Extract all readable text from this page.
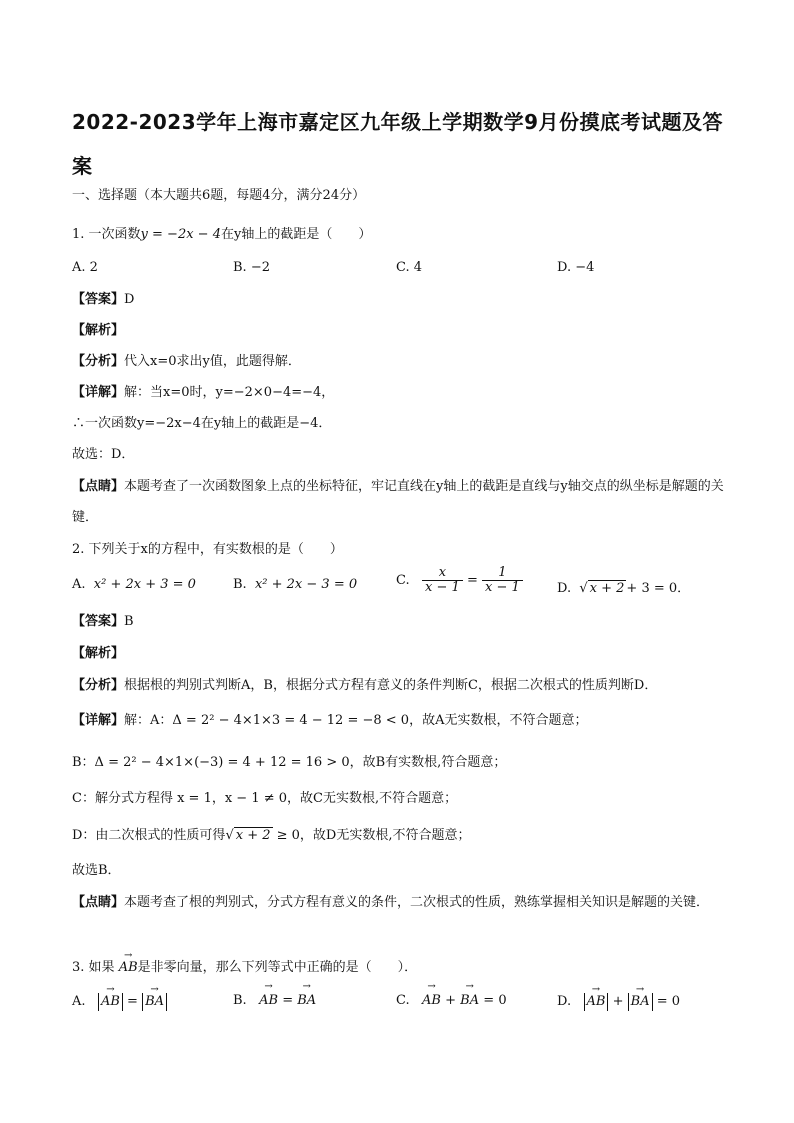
2022-2023学年上海市嘉定区九年级上学期数学9月份摸底考试题及答案
一、选择题（本大题共6题，每题4分，满分24分）
1. 一次函数y = −2x − 4在y轴上的截距是（　　）
A. 2	B. −2	C. 4	D. −4
【答案】D
【解析】
【分析】代入x=0求出y值，此题得解．
【详解】解：当x=0时，y=−2×0−4=−4，
∴一次函数y=−2x−4在y轴上的截距是−4．
故选：D．
【点睛】本题考查了一次函数图象上点的坐标特征，牢记直线在y轴上的截距是直线与y轴交点的纵坐标是解题的关键．
2. 下列关于x的方程中，有实数根的是（　　）
A. x² + 2x + 3 = 0	B. x² + 2x − 3 = 0	C. $\frac{x}{x - 1} = \frac{1}{x - 1}$	D. √ x + 2 + 3 = 0．
【答案】B
【解析】
【分析】根据根的判别式判断A，B，根据分式方程有意义的条件判断C，根据二次根式的性质判断D．
【详解】解：A：Δ = 2² − 4×1×3 = 4 − 12 = −8 < 0，故A无实数根，不符合题意；
B：Δ = 2² − 4×1×(−3) = 4 + 12 = 16 > 0，故B有实数根,符合题意；
C：解分式方程得 x = 1，x − 1 ≠ 0，故C无实数根,不符合题意；
D：由二次根式的性质可得√ x + 2 ≥ 0，故D无实数根,不符合题意；
故选B．
【点睛】本题考查了根的判别式，分式方程有意义的条件，二次根式的性质，熟练掌握相关知识是解题的关键．
3. 如果 → AB是非零向量，那么下列等式中正确的是（　　）．
A. → AB = → BA	B. → AB = → BA	C. → AB + → BA = 0	D. → AB + → BA = 0
